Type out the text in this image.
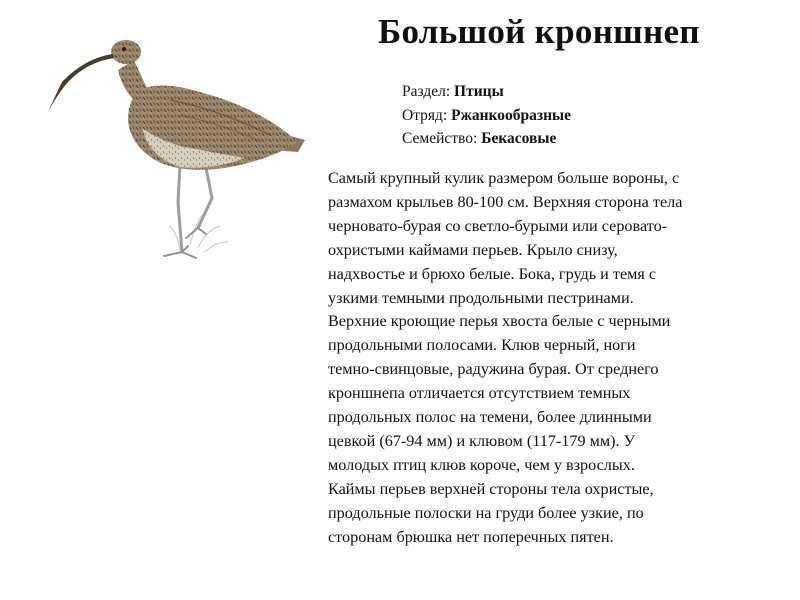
Большой кроншнеп
Раздел: Птицы
Отряд: Ржанкообразные
Семейство: Бекасовые
Самый крупный кулик размером больше вороны, с
размахом крыльев 80-100 см. Верхняя сторона тела
черновато-бурая со светло-бурыми или серовато-
охристыми каймами перьев. Крыло снизу,
надхвостье и брюхо белые. Бока, грудь и темя с
узкими темными продольными пестринами.
Верхние кроющие перья хвоста белые с черными
продольными полосами. Клюв черный, ноги
темно-свинцовые, радужина бурая. От среднего
кроншнепа отличается отсутствием темных
продольных полос на темени, более длинными
цевкой (67-94 мм) и клювом (117-179 мм). У
молодых птиц клюв короче, чем у взрослых.
Каймы перьев верхней стороны тела охристые,
продольные полоски на груди более узкие, по
сторонам брюшка нет поперечных пятен.
